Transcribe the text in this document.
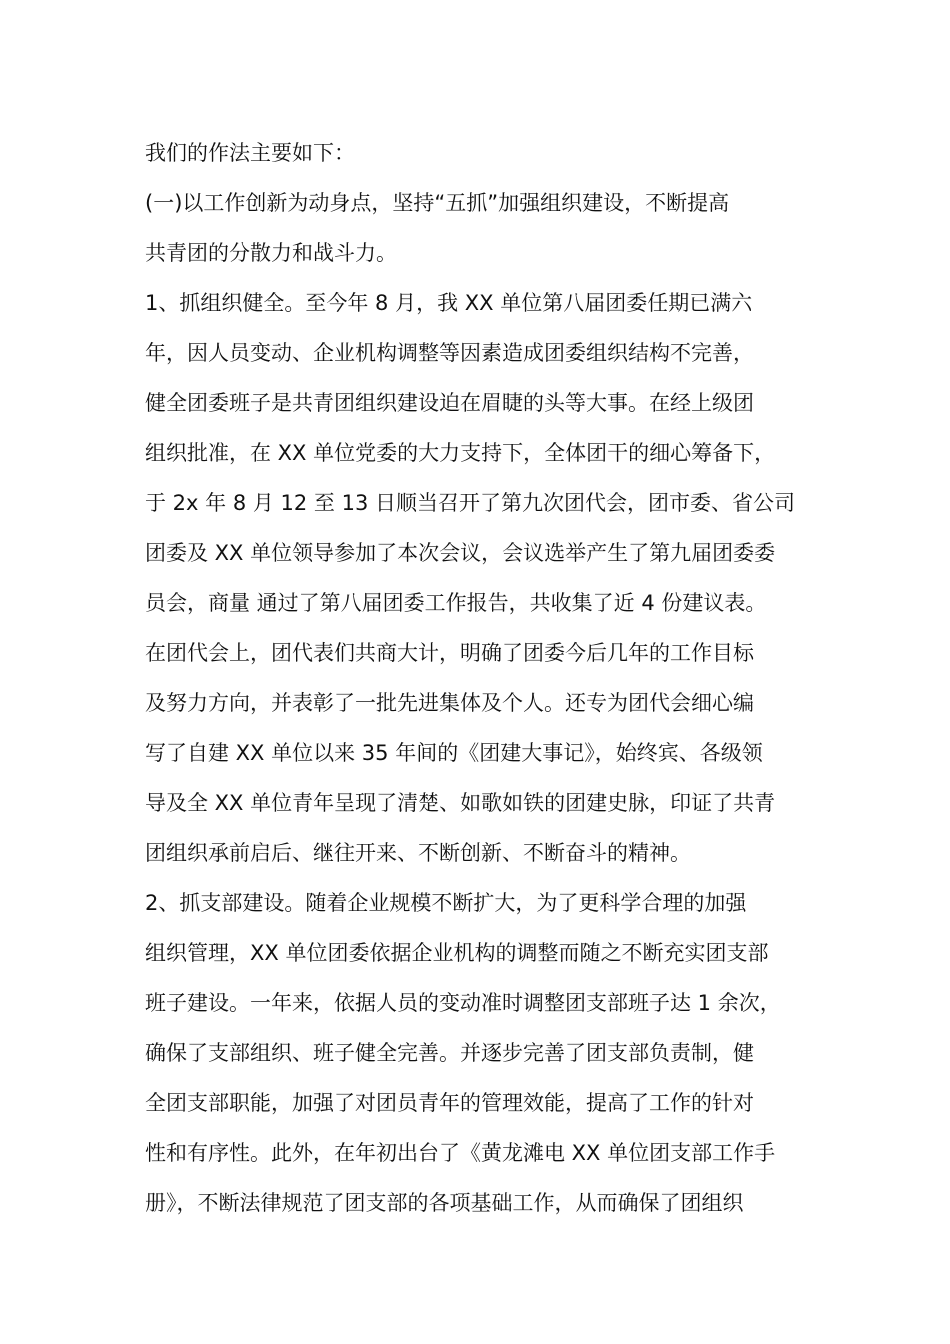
我们的作法主要如下：
(一)以工作创新为动身点，坚持“五抓”加强组织建设，不断提高
共青团的分散力和战斗力。
1、抓组织健全。至今年 8 月，我 XX 单位第八届团委任期已满六
年，因人员变动、企业机构调整等因素造成团委组织结构不完善，
健全团委班子是共青团组织建设迫在眉睫的头等大事。在经上级团
组织批准，在 XX 单位党委的大力支持下，全体团干的细心筹备下，
于 2x 年 8 月 12 至 13 日顺当召开了第九次团代会，团市委、省公司
团委及 XX 单位领导参加了本次会议，会议选举产生了第九届团委委
员会，商量 通过了第八届团委工作报告，共收集了近 4 份建议表。
在团代会上，团代表们共商大计，明确了团委今后几年的工作目标
及努力方向，并表彰了一批先进集体及个人。还专为团代会细心编
写了自建 XX 单位以来 35 年间的《团建大事记》，始终宾、各级领
导及全 XX 单位青年呈现了清楚、如歌如铁的团建史脉，印证了共青
团组织承前启后、继往开来、不断创新、不断奋斗的精神。
2、抓支部建设。随着企业规模不断扩大，为了更科学合理的加强
组织管理，XX 单位团委依据企业机构的调整而随之不断充实团支部
班子建设。一年来，依据人员的变动准时调整团支部班子达 1 余次，
确保了支部组织、班子健全完善。并逐步完善了团支部负责制，健
全团支部职能，加强了对团员青年的管理效能，提高了工作的针对
性和有序性。此外，在年初出台了《黄龙滩电 XX 单位团支部工作手
册》，不断法律规范了团支部的各项基础工作，从而确保了团组织
